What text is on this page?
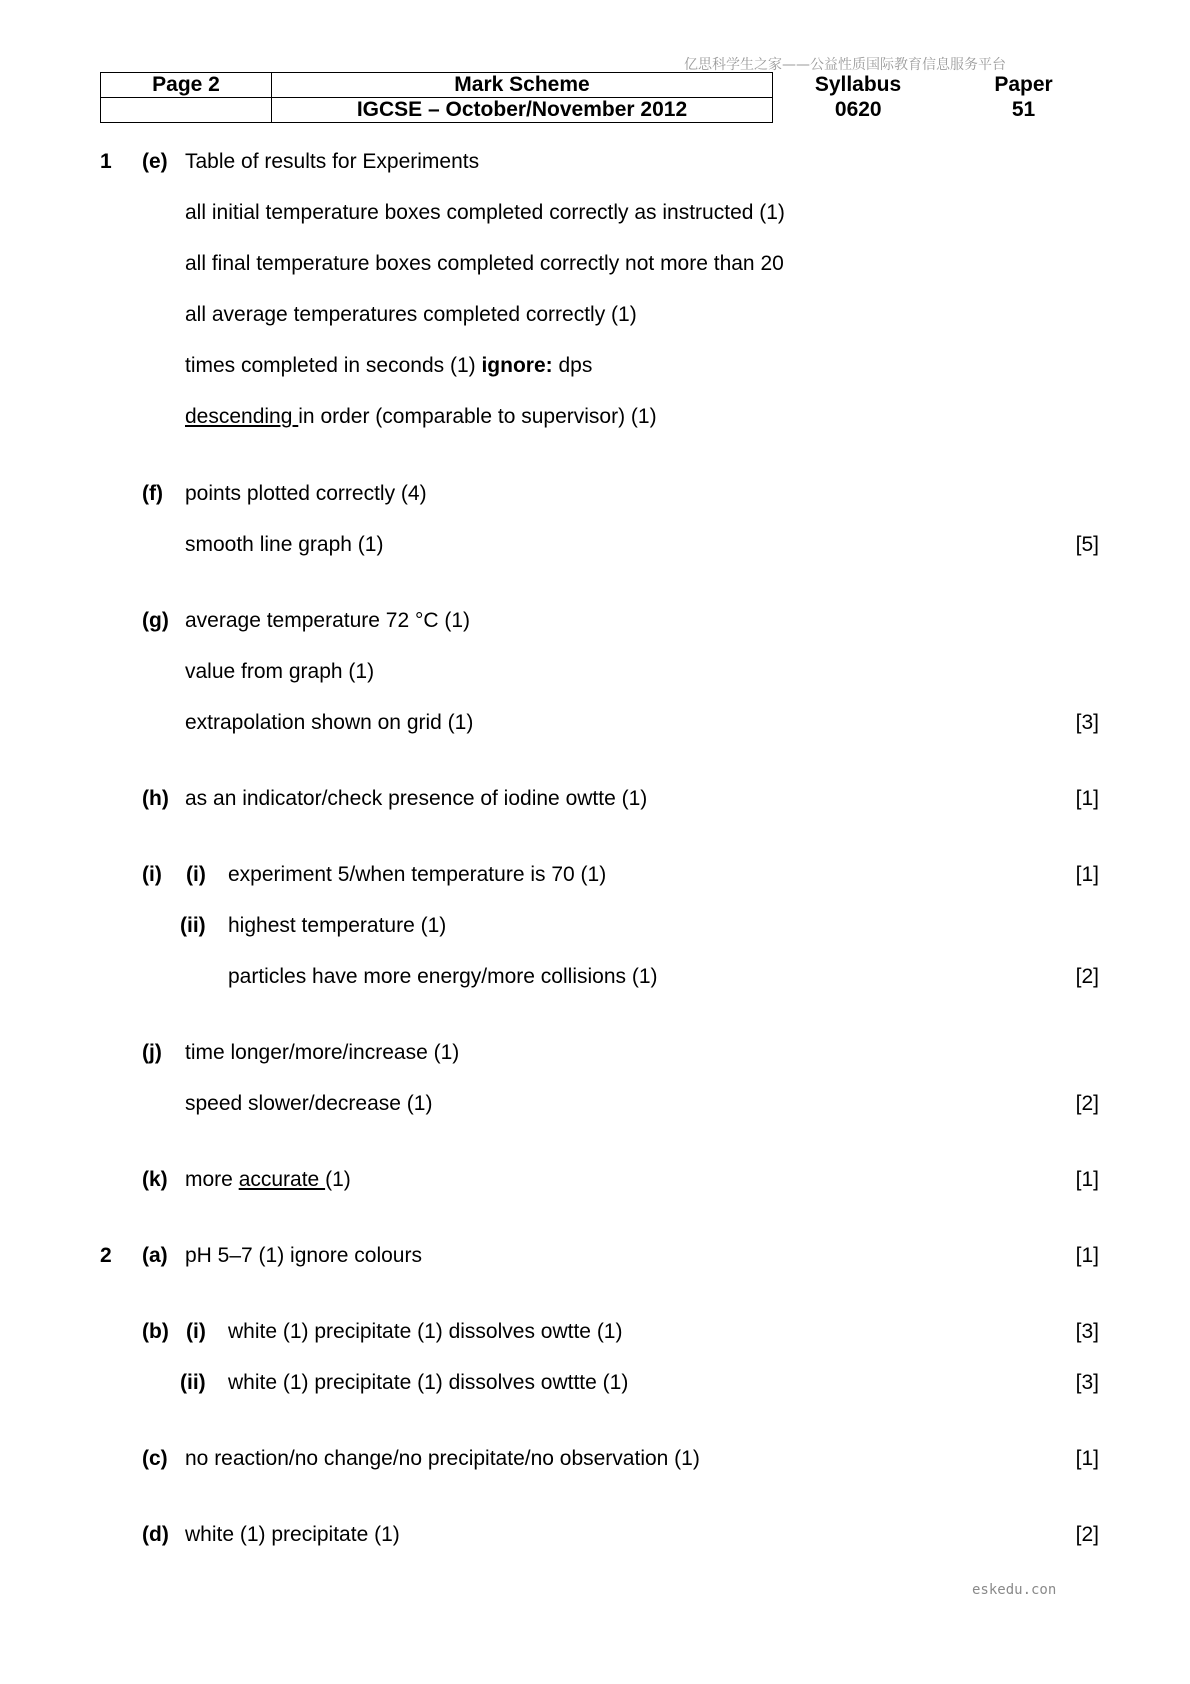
亿思科学生之家——公益性质国际教育信息服务平台
Page 2	Mark Scheme	Syllabus	Paper
	IGCSE – October/November 2012	0620	51
1 (e) Table of results for Experiments
all initial temperature boxes completed correctly as instructed (1)
all final temperature boxes completed correctly not more than 20
all average temperatures completed correctly (1)
times completed in seconds (1) ignore: dps
descending in order (comparable to supervisor) (1)
(f) points plotted correctly (4)
smooth line graph (1)	[5]
(g) average temperature 72 °C (1)
value from graph (1)
extrapolation shown on grid (1)	[3]
(h) as an indicator/check presence of iodine owtte (1)	[1]
(i) (i) experiment 5/when temperature is 70 (1)	[1]
(ii) highest temperature (1)
particles have more energy/more collisions (1)	[2]
(j) time longer/more/increase (1)
speed slower/decrease (1)	[2]
(k) more accurate (1)	[1]
2 (a) pH 5–7 (1) ignore colours	[1]
(b) (i) white (1) precipitate (1) dissolves owtte (1)	[3]
(ii) white (1) precipitate (1) dissolves owttte (1)	[3]
(c) no reaction/no change/no precipitate/no observation (1)	[1]
(d) white (1) precipitate (1)	[2]
eskedu.con
